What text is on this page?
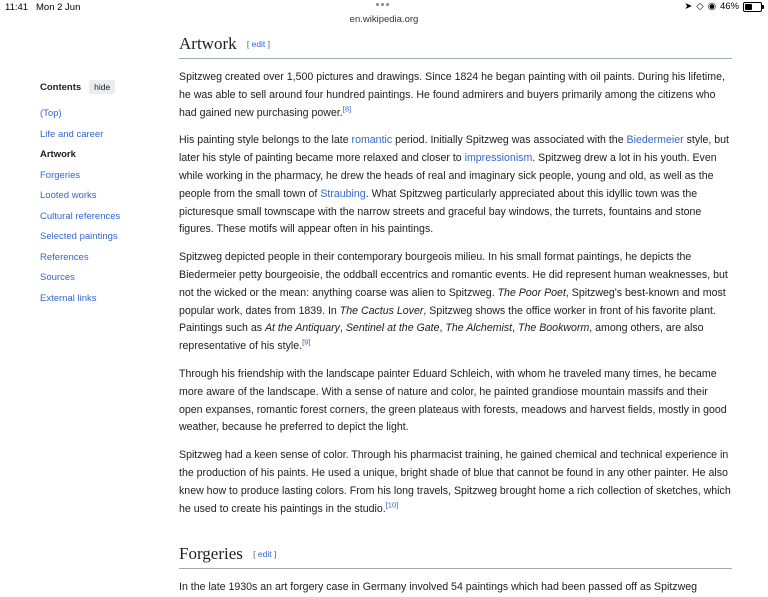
11:41 Mon 2 Jun	➤ ◇ ◉ 46%
en.wikipedia.org
Contents	hide
(Top)
Life and career
Artwork
Forgeries
Looted works
Cultural references
Selected paintings
References
Sources
External links
Artwork [ edit ]

Spitzweg created over 1,500 pictures and drawings. Since 1824 he began painting with oil paints. During his lifetime, he was able to sell around four hundred paintings. He found admirers and buyers primarily among the citizens who had gained new purchasing power.[8]

His painting style belongs to the late romantic period. Initially Spitzweg was associated with the Biedermeier style, but later his style of painting became more relaxed and closer to impressionism. Spitzweg drew a lot in his youth. Even while working in the pharmacy, he drew the heads of real and imaginary sick people, young and old, as well as the people from the small town of Straubing. What Spitzweg particularly appreciated about this idyllic town was the picturesque small townscape with the narrow streets and graceful bay windows, the turrets, fountains and stone figures. These motifs will appear often in his paintings.

Spitzweg depicted people in their contemporary bourgeois milieu. In his small format paintings, he depicts the Biedermeier petty bourgeoisie, the oddball eccentrics and romantic events. He did represent human weaknesses, but not the wicked or the mean: anything coarse was alien to Spitzweg. The Poor Poet, Spitzweg's best-known and most popular work, dates from 1839. In The Cactus Lover, Spitzweg shows the office worker in front of his favorite plant. Paintings such as At the Antiquary, Sentinel at the Gate, The Alchemist, The Bookworm, among others, are also representative of his style.[9]

Through his friendship with the landscape painter Eduard Schleich, with whom he traveled many times, he became more aware of the landscape. With a sense of nature and color, he painted grandiose mountain massifs and their open expanses, romantic forest corners, the green plateaus with forests, meadows and harvest fields, mostly in good weather, because he preferred to depict the light.

Spitzweg had a keen sense of color. Through his pharmacist training, he gained chemical and technical experience in the production of his paints. He used a unique, bright shade of blue that cannot be found in any other painter. He also knew how to produce lasting colors. From his long travels, Spitzweg brought home a rich collection of sketches, which he used to create his paintings in the studio.[10]

Forgeries [ edit ]

In the late 1930s an art forgery case in Germany involved 54 paintings which had been passed off as Spitzweg
